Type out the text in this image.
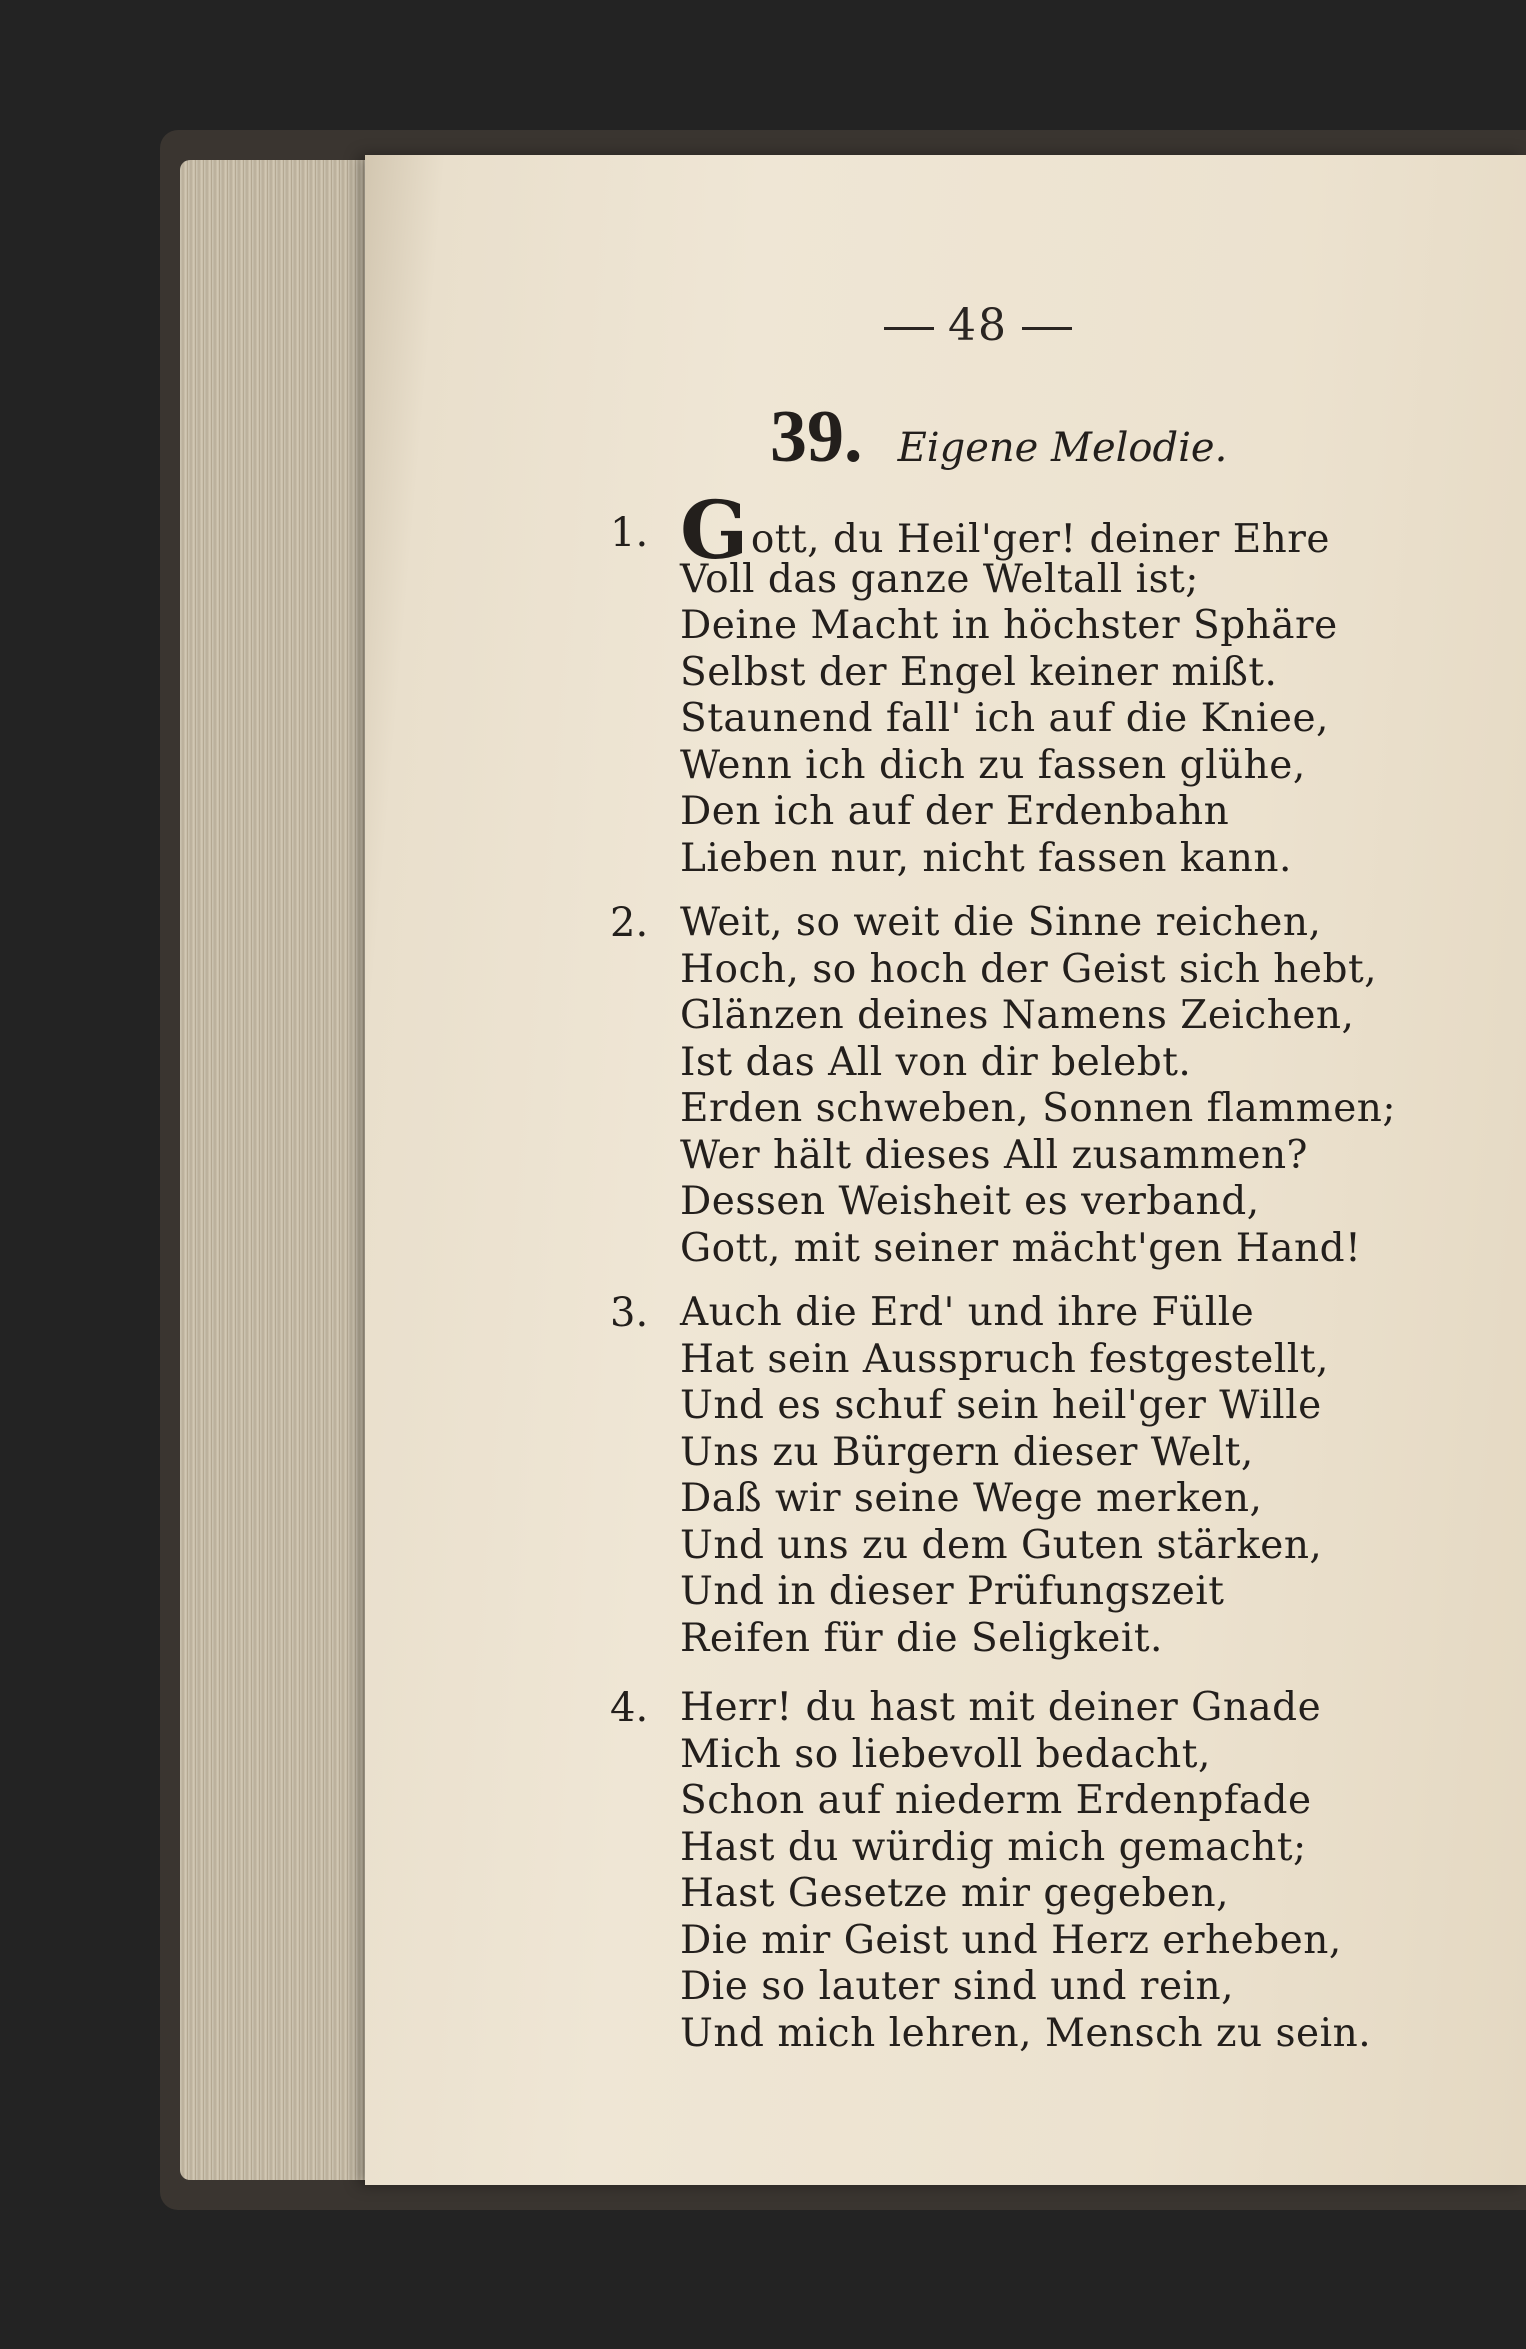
48
39. Eigene Melodie.
1. Gott, du Heil'ger! deiner Ehre
Voll das ganze Weltall ist;
Deine Macht in höchster Sphäre
Selbst der Engel keiner mißt.
Staunend fall' ich auf die Kniee,
Wenn ich dich zu fassen glühe,
Den ich auf der Erdenbahn
Lieben nur, nicht fassen kann.
2. Weit, so weit die Sinne reichen,
Hoch, so hoch der Geist sich hebt,
Glänzen deines Namens Zeichen,
Ist das All von dir belebt.
Erden schweben, Sonnen flammen;
Wer hält dieses All zusammen?
Dessen Weisheit es verband,
Gott, mit seiner mächt'gen Hand!
3. Auch die Erd' und ihre Fülle
Hat sein Ausspruch festgestellt,
Und es schuf sein heil'ger Wille
Uns zu Bürgern dieser Welt,
Daß wir seine Wege merken,
Und uns zu dem Guten stärken,
Und in dieser Prüfungszeit
Reifen für die Seligkeit.
4. Herr! du hast mit deiner Gnade
Mich so liebevoll bedacht,
Schon auf niederm Erdenpfade
Hast du würdig mich gemacht;
Hast Gesetze mir gegeben,
Die mir Geist und Herz erheben,
Die so lauter sind und rein,
Und mich lehren, Mensch zu sein.
